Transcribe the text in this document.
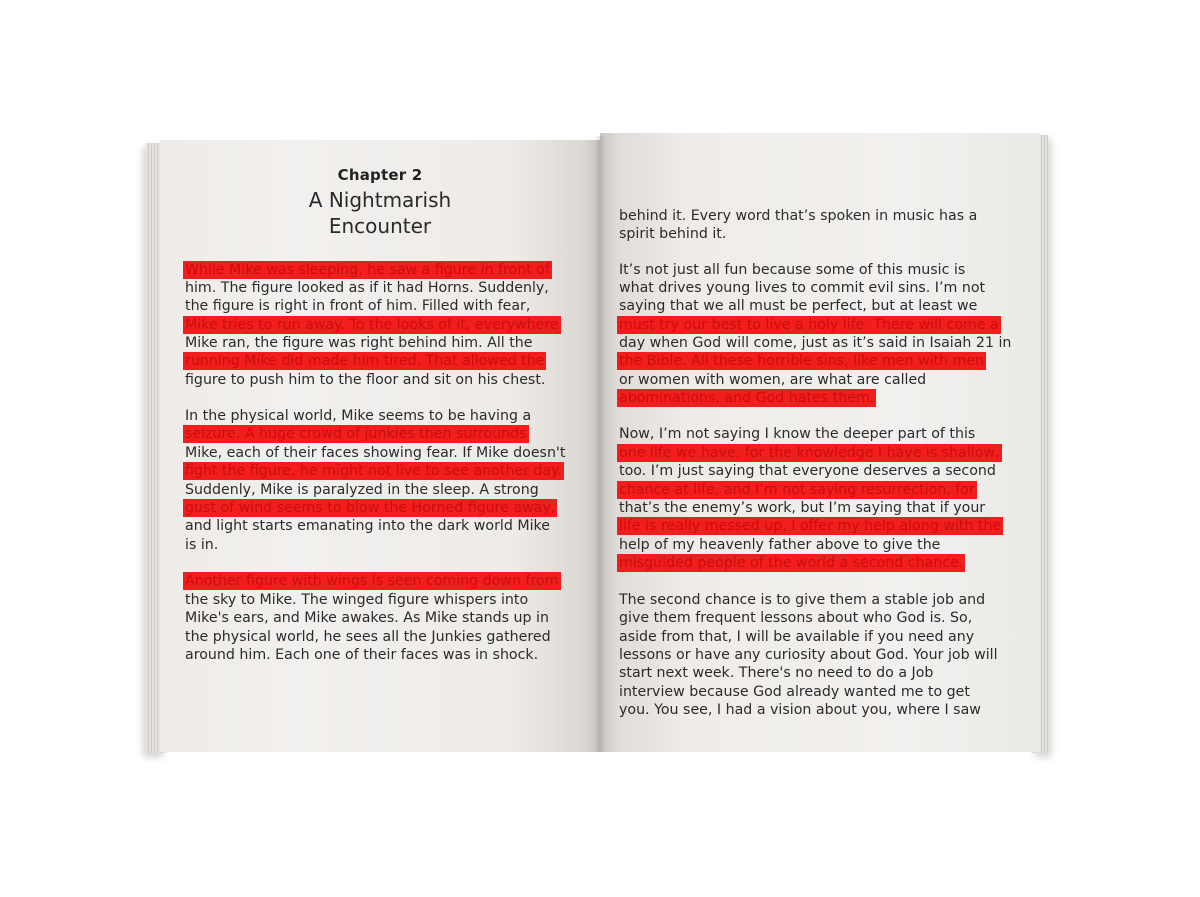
Chapter 2
A Nightmarish
Encounter
While Mike was sleeping, he saw a figure in front of
him. The figure looked as if it had Horns. Suddenly,
the figure is right in front of him. Filled with fear,
Mike tries to run away. To the looks of it, everywhere
Mike ran, the figure was right behind him. All the
running Mike did made him tired. That allowed the
figure to push him to the floor and sit on his chest.
In the physical world, Mike seems to be having a
seizure. A huge crowd of junkies then surrounds
Mike, each of their faces showing fear. If Mike doesn't
fight the figure, he might not live to see another day.
Suddenly, Mike is paralyzed in the sleep. A strong
gust of wind seems to blow the Horned figure away,
and light starts emanating into the dark world Mike
is in.
Another figure with wings is seen coming down from
the sky to Mike. The winged figure whispers into
Mike's ears, and Mike awakes. As Mike stands up in
the physical world, he sees all the Junkies gathered
around him. Each one of their faces was in shock.
behind it. Every word that’s spoken in music has a
spirit behind it.
It’s not just all fun because some of this music is
what drives young lives to commit evil sins. I’m not
saying that we all must be perfect, but at least we
must try our best to live a holy life. There will come a
day when God will come, just as it’s said in Isaiah 21 in
the Bible. All these horrible sins, like men with men
or women with women, are what are called
abominations, and God hates them.
Now, I’m not saying I know the deeper part of this
one life we have, for the knowledge I have is shallow,
too. I’m just saying that everyone deserves a second
chance at life, and I’m not saying resurrection, for
that’s the enemy’s work, but I’m saying that if your
life is really messed up, I offer my help along with the
help of my heavenly father above to give the
misguided people of the world a second chance.
The second chance is to give them a stable job and
give them frequent lessons about who God is. So,
aside from that, I will be available if you need any
lessons or have any curiosity about God. Your job will
start next week. There's no need to do a Job
interview because God already wanted me to get
you. You see, I had a vision about you, where I saw
